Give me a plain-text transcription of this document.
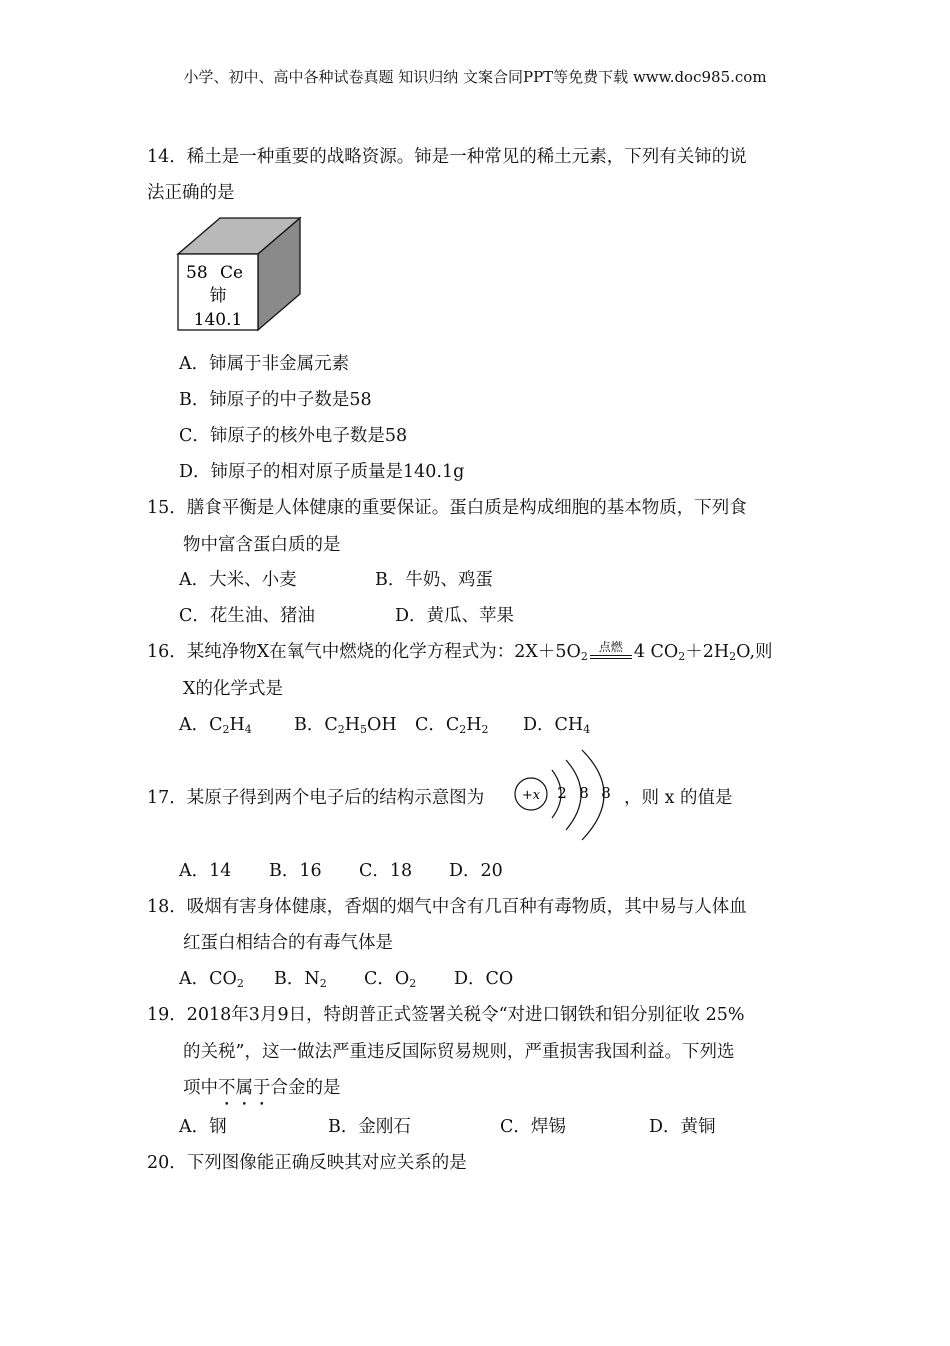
小学、初中、高中各种试卷真题 知识归纳 文案合同PPT等免费下载 www.doc985.com
14．稀土是一种重要的战略资源。铈是一种常见的稀土元素，下列有关铈的说
法正确的是
58 Ce
铈
140.1
A．铈属于非金属元素
B．铈原子的中子数是58
C．铈原子的核外电子数是58
D．铈原子的相对原子质量是140.1g
15．膳食平衡是人体健康的重要保证。蛋白质是构成细胞的基本物质，下列食
物中富含蛋白质的是
A．大米、小麦	B．牛奶、鸡蛋
C．花生油、猪油	D．黄瓜、苹果
16．某纯净物X在氧气中燃烧的化学方程式为：$2X+5O_2$
点燃 4 $CO_2+2H_2O$,则
X的化学式是
A．$C_2H_4$ B．$C_2H_5OH$ C．$C_2H_2$ D．$CH_4$
17．某原子得到两个电子后的结构示意图为	+x 2 8 8 ，则 x 的值是
A．14 B．16 C．18 D．20
18．吸烟有害身体健康，香烟的烟气中含有几百种有毒物质，其中易与人体血
红蛋白相结合的有毒气体是
A．$CO_2$ B．$N_2$ C．$O_2$ D．CO
19．2018年3月9日，特朗普正式签署关税令“对进口钢铁和铝分别征收 25%
的关税”，这一做法严重违反国际贸易规则，严重损害我国利益。下列选
项中不属于合金的是
A．钢	B．金刚石	C．焊锡	D．黄铜
20．下列图像能正确反映其对应关系的是
